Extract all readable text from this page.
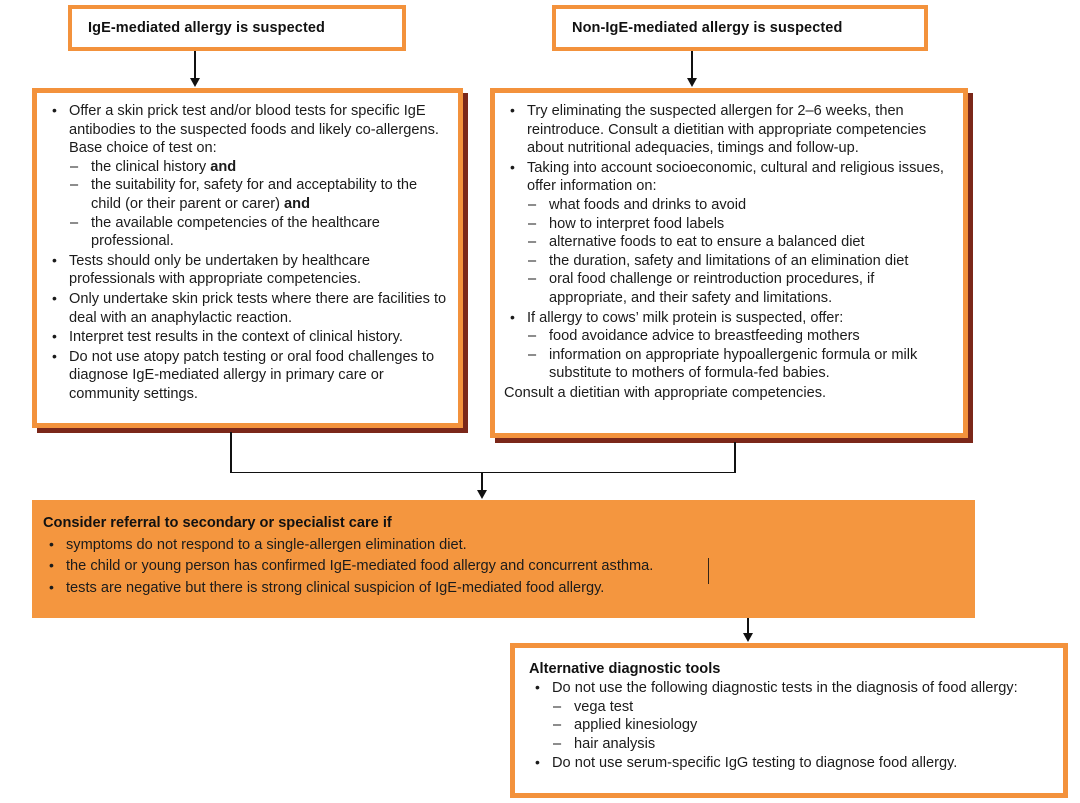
IgE-mediated allergy is suspected	Non-IgE-mediated allergy is suspected
• Offer a skin prick test and/or blood tests for specific IgE antibodies to the suspected foods and likely co-allergens. Base choice of test on:
– the clinical history and
– the suitability for, safety for and acceptability to the child (or their parent or carer) and
– the available competencies of the healthcare professional.
• Tests should only be undertaken by healthcare professionals with appropriate competencies.
• Only undertake skin prick tests where there are facilities to deal with an anaphylactic reaction.
• Interpret test results in the context of clinical history.
• Do not use atopy patch testing or oral food challenges to diagnose IgE-mediated allergy in primary care or community settings.
• Try eliminating the suspected allergen for 2–6 weeks, then reintroduce. Consult a dietitian with appropriate competencies about nutritional adequacies, timings and follow-up.
• Taking into account socioeconomic, cultural and religious issues, offer information on:
– what foods and drinks to avoid
– how to interpret food labels
– alternative foods to eat to ensure a balanced diet
– the duration, safety and limitations of an elimination diet
– oral food challenge or reintroduction procedures, if appropriate, and their safety and limitations.
• If allergy to cows’ milk protein is suspected, offer:
– food avoidance advice to breastfeeding mothers
– information on appropriate hypoallergenic formula or milk substitute to mothers of formula-fed babies.
Consult a dietitian with appropriate competencies.
Consider referral to secondary or specialist care if
• symptoms do not respond to a single-allergen elimination diet.
• the child or young person has confirmed IgE-mediated food allergy and concurrent asthma.
• tests are negative but there is strong clinical suspicion of IgE-mediated food allergy.
Alternative diagnostic tools
• Do not use the following diagnostic tests in the diagnosis of food allergy:
– vega test
– applied kinesiology
– hair analysis
• Do not use serum-specific IgG testing to diagnose food allergy.
